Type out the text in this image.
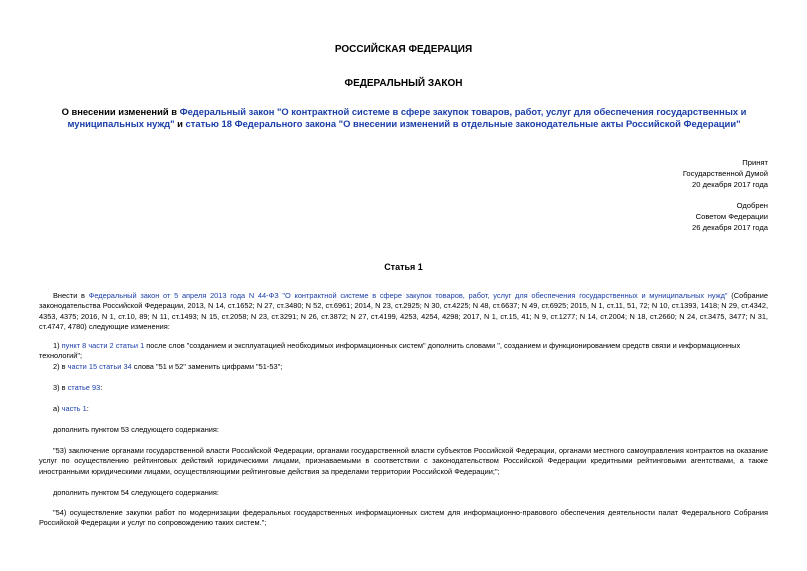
РОССИЙСКАЯ ФЕДЕРАЦИЯ
ФЕДЕРАЛЬНЫЙ ЗАКОН
О внесении изменений в Федеральный закон "О контрактной системе в сфере закупок товаров, работ, услуг для обеспечения государственных и муниципальных нужд" и статью 18 Федерального закона "О внесении изменений в отдельные законодательные акты Российской Федерации"
Принят
Государственной Думой
20 декабря 2017 года
Одобрен
Советом Федерации
26 декабря 2017 года
Статья 1
Внести в Федеральный закон от 5 апреля 2013 года N 44-ФЗ "О контрактной системе в сфере закупок товаров, работ, услуг для обеспечения государственных и муниципальных нужд" (Собрание законодательства Российской Федерации, 2013, N 14, ст.1652; N 27, ст.3480; N 52, ст.6961; 2014, N 23, ст.2925; N 30, ст.4225; N 48, ст.6637; N 49, ст.6925; 2015, N 1, ст.11, 51, 72; N 10, ст.1393, 1418; N 29, ст.4342, 4353, 4375; 2016, N 1, ст.10, 89; N 11, ст.1493; N 15, ст.2058; N 23, ст.3291; N 26, ст.3872; N 27, ст.4199, 4253, 4254, 4298; 2017, N 1, ст.15, 41; N 9, ст.1277; N 14, ст.2004; N 18, ст.2660; N 24, ст.3475, 3477; N 31, ст.4747, 4780) следующие изменения:
1) пункт 8 части 2 статьи 1 после слов "созданием и эксплуатацией необходимых информационных систем" дополнить словами ", созданием и функционированием средств связи и информационных технологий";
2) в части 15 статьи 34 слова "51 и 52" заменить цифрами "51-53";
3) в статье 93:
а) часть 1:
дополнить пунктом 53 следующего содержания:
"53) заключение органами государственной власти Российской Федерации, органами государственной власти субъектов Российской Федерации, органами местного самоуправления контрактов на оказание услуг по осуществлению рейтинговых действий юридическими лицами, признаваемыми в соответствии с законодательством Российской Федерации кредитными рейтинговыми агентствами, а также иностранными юридическими лицами, осуществляющими рейтинговые действия за пределами территории Российской Федерации;";
дополнить пунктом 54 следующего содержания:
"54) осуществление закупки работ по модернизации федеральных государственных информационных систем для информационно-правового обеспечения деятельности палат Федерального Собрания Российской Федерации и услуг по сопровождению таких систем.";
